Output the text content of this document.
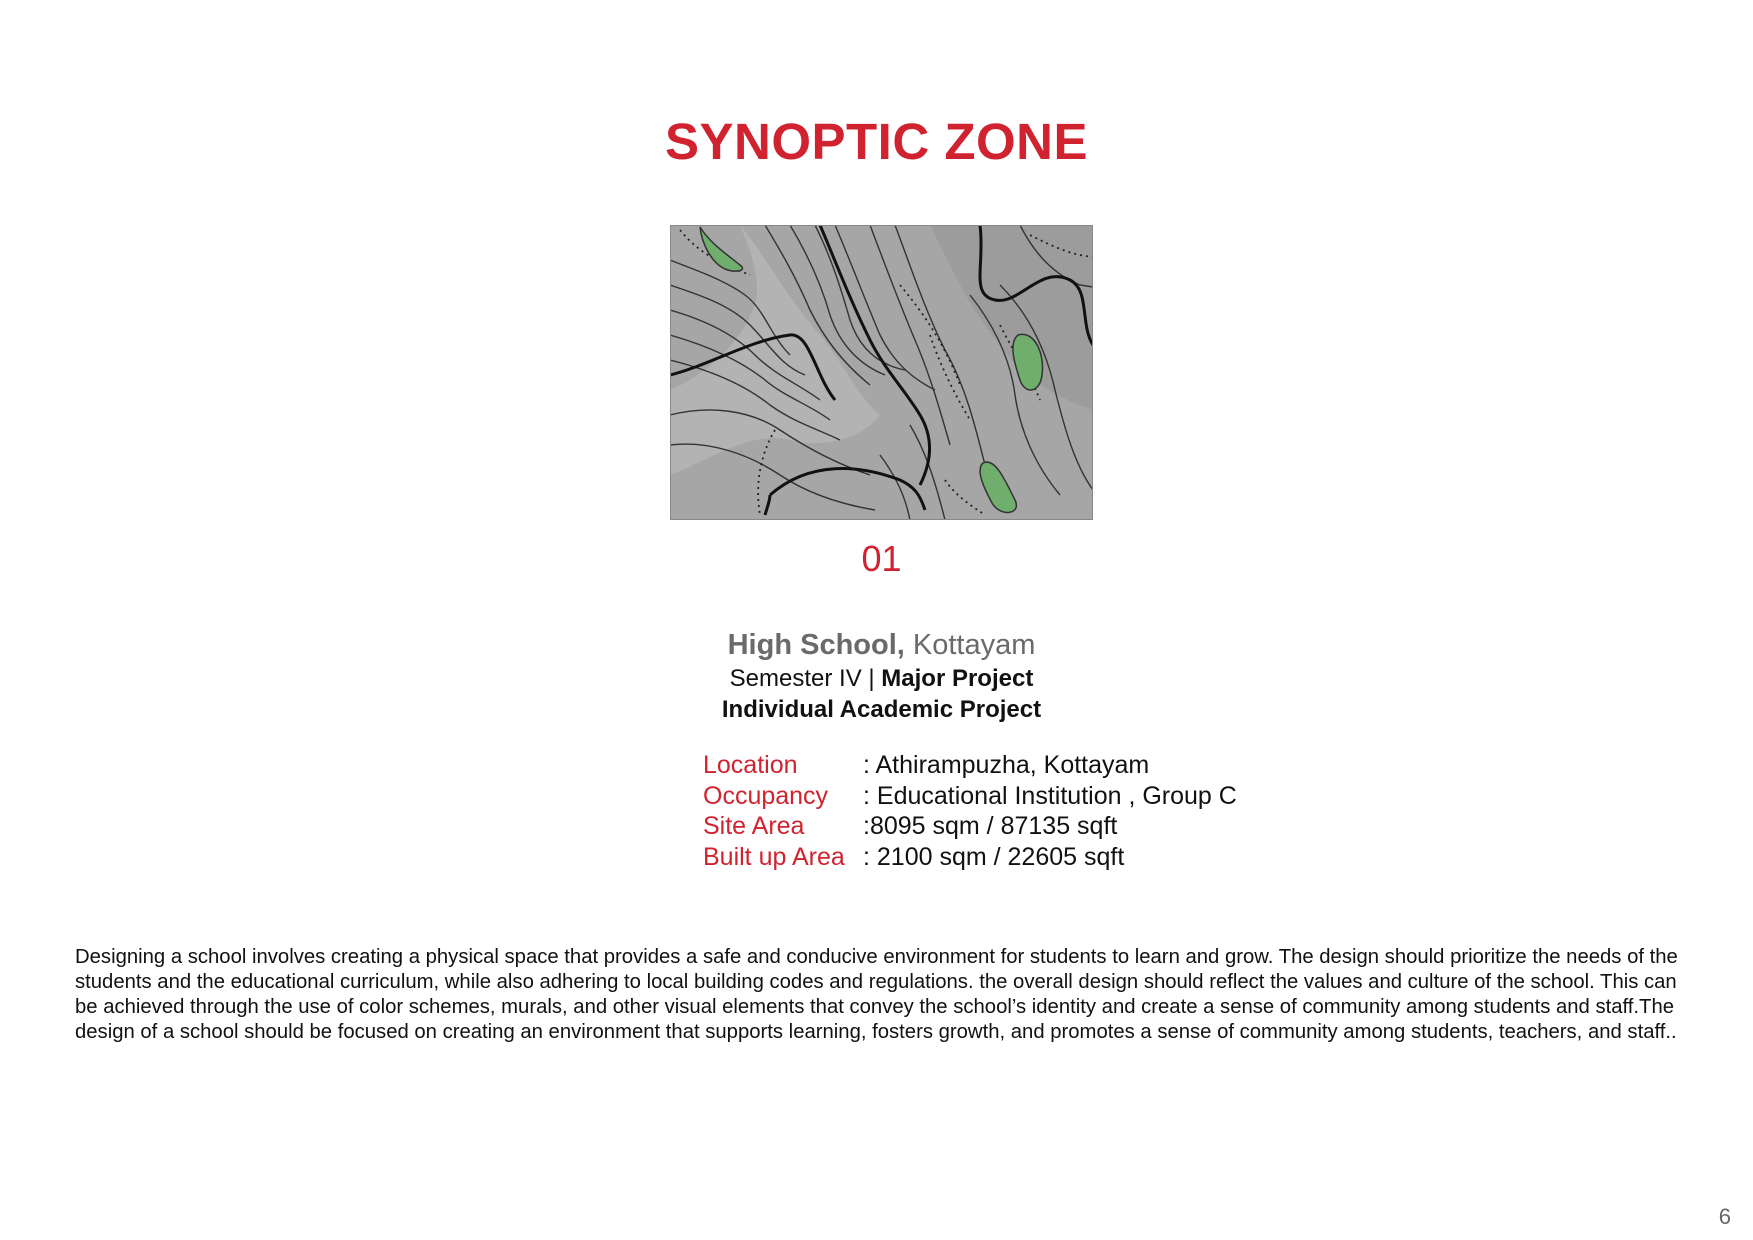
SYNOPTIC ZONE
01
High School, Kottayam
Semester IV | Major Project
Individual Academic Project
Location	: Athirampuzha, Kottayam
Occupancy : Educational Institution , Group C
Site Area :8095 sqm / 87135 sqft
Built up Area : 2100 sqm / 22605 sqft

Designing a school involves creating a physical space that provides a safe and conducive environment for students to learn and grow. The design should prioritize the needs of the students and the educational curriculum, while also adhering to local building codes and regulations. the overall design should reflect the values and culture of the school. This can be achieved through the use of color schemes, murals, and other visual elements that convey the school’s identity and create a sense of community among students and staff.The design of a school should be focused on creating an environment that supports learning, fosters growth, and promotes a sense of community among students, teachers, and staff..

6
